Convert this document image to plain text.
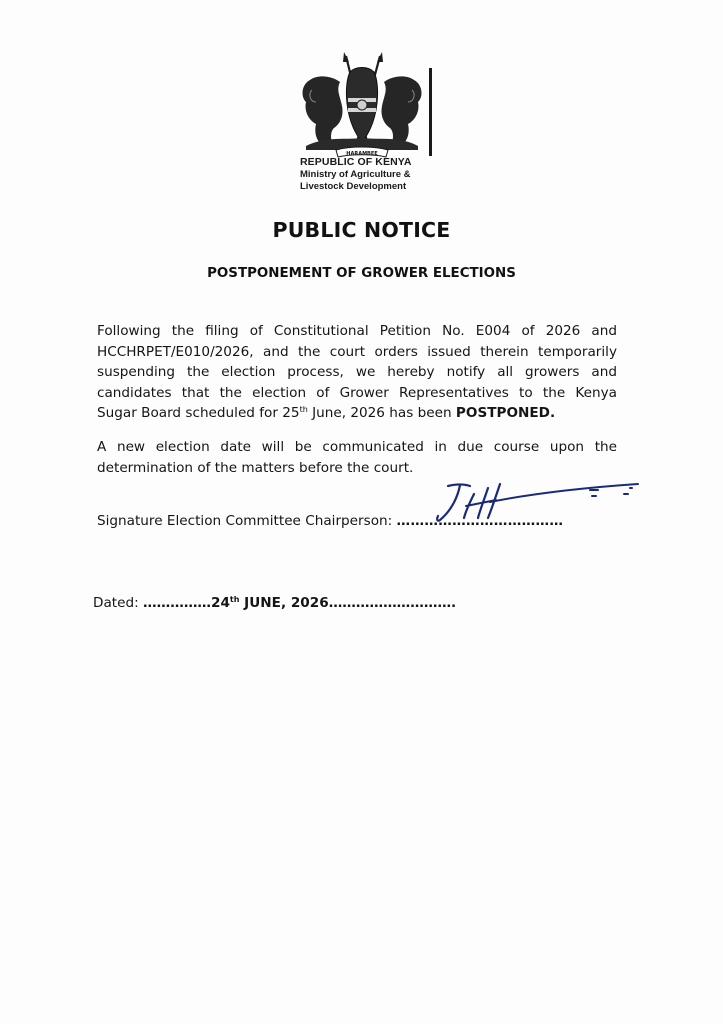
HARAMBEE
REPUBLIC OF KENYA
Ministry of Agriculture &
Livestock Development
PUBLIC NOTICE
POSTPONEMENT OF GROWER ELECTIONS
Following the filing of Constitutional Petition No. E004 of 2026 and
HCCHRPET/E010/2026, and the court orders issued therein temporarily
suspending the election process, we hereby notify all growers and
candidates that the election of Grower Representatives to the Kenya
Sugar Board scheduled for 25th June, 2026 has been POSTPONED.
A new election date will be communicated in due course upon the
determination of the matters before the court.
Signature Election Committee Chairperson: ………………………………
Dated: ……………24th JUNE, 2026……………………….
